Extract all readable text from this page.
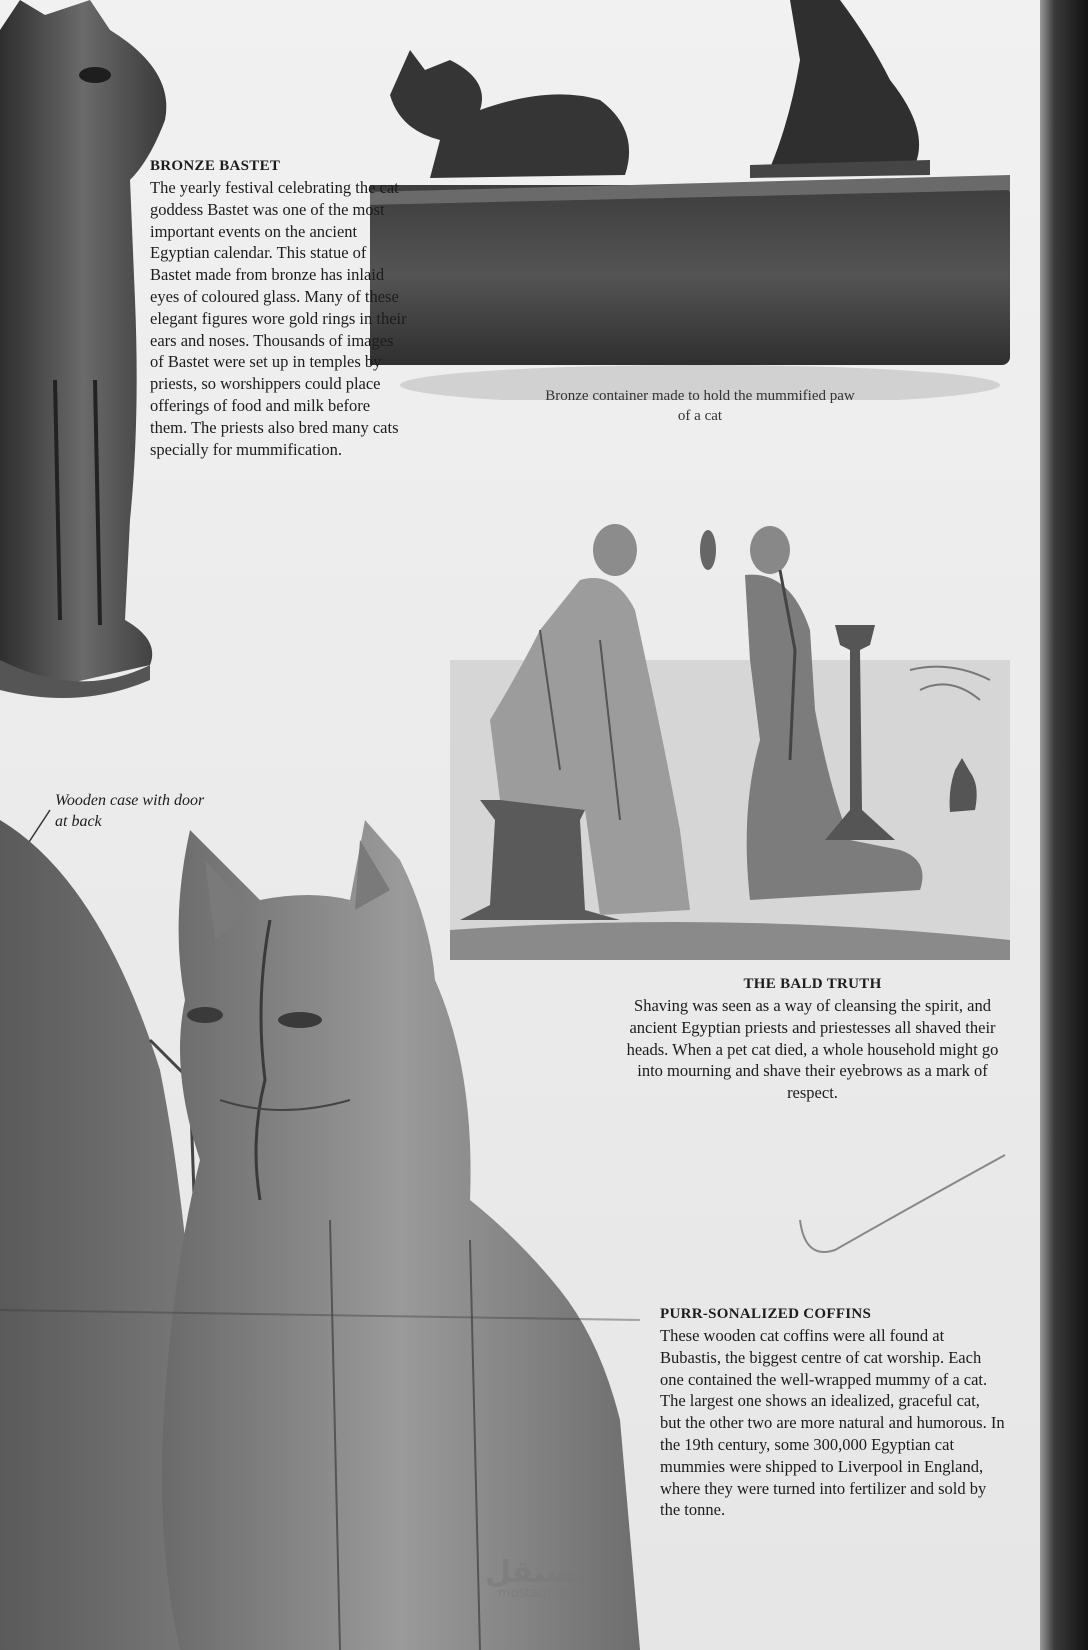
BRONZE BASTET

The yearly festival celebrating the cat goddess Bastet was one of the most important events on the ancient Egyptian calendar. This statue of Bastet made from bronze has inlaid eyes of coloured glass. Many of these elegant figures wore gold rings in their ears and noses. Thousands of images of Bastet were set up in temples by priests, so worshippers could place offerings of food and milk before them. The priests also bred many cats specially for mummification.

Bronze container made to hold the mummified paw of a cat

THE BALD TRUTH

Shaving was seen as a way of cleansing the spirit, and ancient Egyptian priests and priestesses all shaved their heads. When a pet cat died, a whole household might go into mourning and shave their eyebrows as a mark of respect.

Wooden case with door at back

PURR-SONALIZED COFFINS

These wooden cat coffins were all found at Bubastis, the biggest centre of cat worship. Each one contained the well-wrapped mummy of a cat. The largest one shows an idealized, graceful cat, but the other two are more natural and humorous. In the 19th century, some 300,000 Egyptian cat mummies were shipped to Liverpool in England, where they were turned into fertilizer and sold by the tonne.

مستقل
mostaql.com
